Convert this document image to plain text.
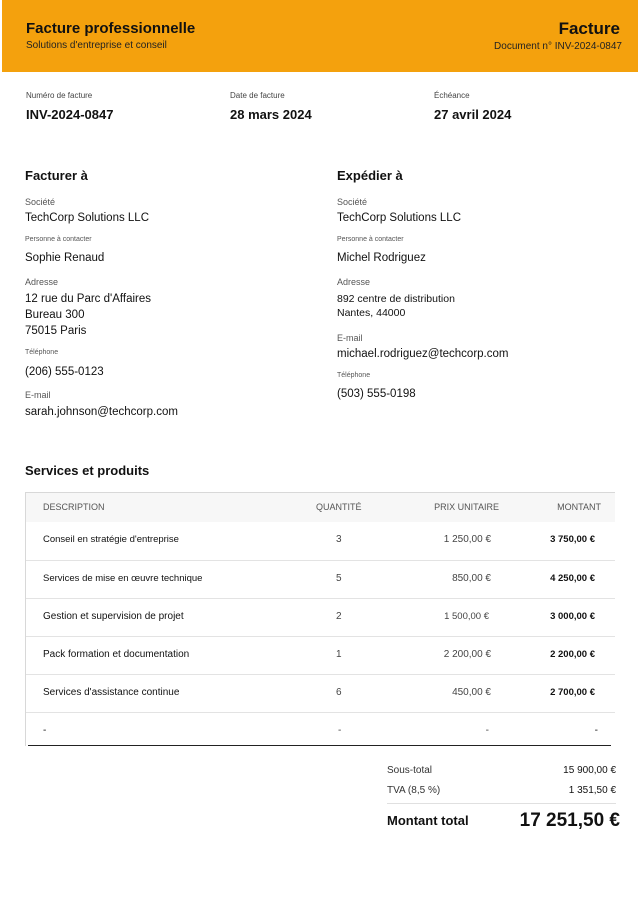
Facture professionnelle
Solutions d'entreprise et conseil
Facture
Document n° INV-2024-0847
Numéro de facture
INV-2024-0847
Date de facture
28 mars 2024
Échéance
27 avril 2024
Facturer à
Société
TechCorp Solutions LLC
Personne à contacter
Sophie Renaud
Adresse
12 rue du Parc d'Affaires
Bureau 300
75015 Paris
Téléphone
(206) 555-0123
E-mail
sarah.johnson@techcorp.com
Expédier à
Société
TechCorp Solutions LLC
Personne à contacter
Michel Rodriguez
Adresse
892 centre de distribution
Nantes, 44000
E-mail
michael.rodriguez@techcorp.com
Téléphone
(503) 555-0198
Services et produits
DESCRIPTION	QUANTITÉ	PRIX UNITAIRE	MONTANT
Conseil en stratégie d'entreprise	3	1 250,00 €	3 750,00 €
Services de mise en œuvre technique	5	850,00 €	4 250,00 €
Gestion et supervision de projet	2	1 500,00 €	3 000,00 €
Pack formation et documentation	1	2 200,00 €	2 200,00 €
Services d'assistance continue	6	450,00 €	2 700,00 €
-	-	-	-
Sous-total	15 900,00 €
TVA (8,5 %)	1 351,50 €
Montant total	17 251,50 €
